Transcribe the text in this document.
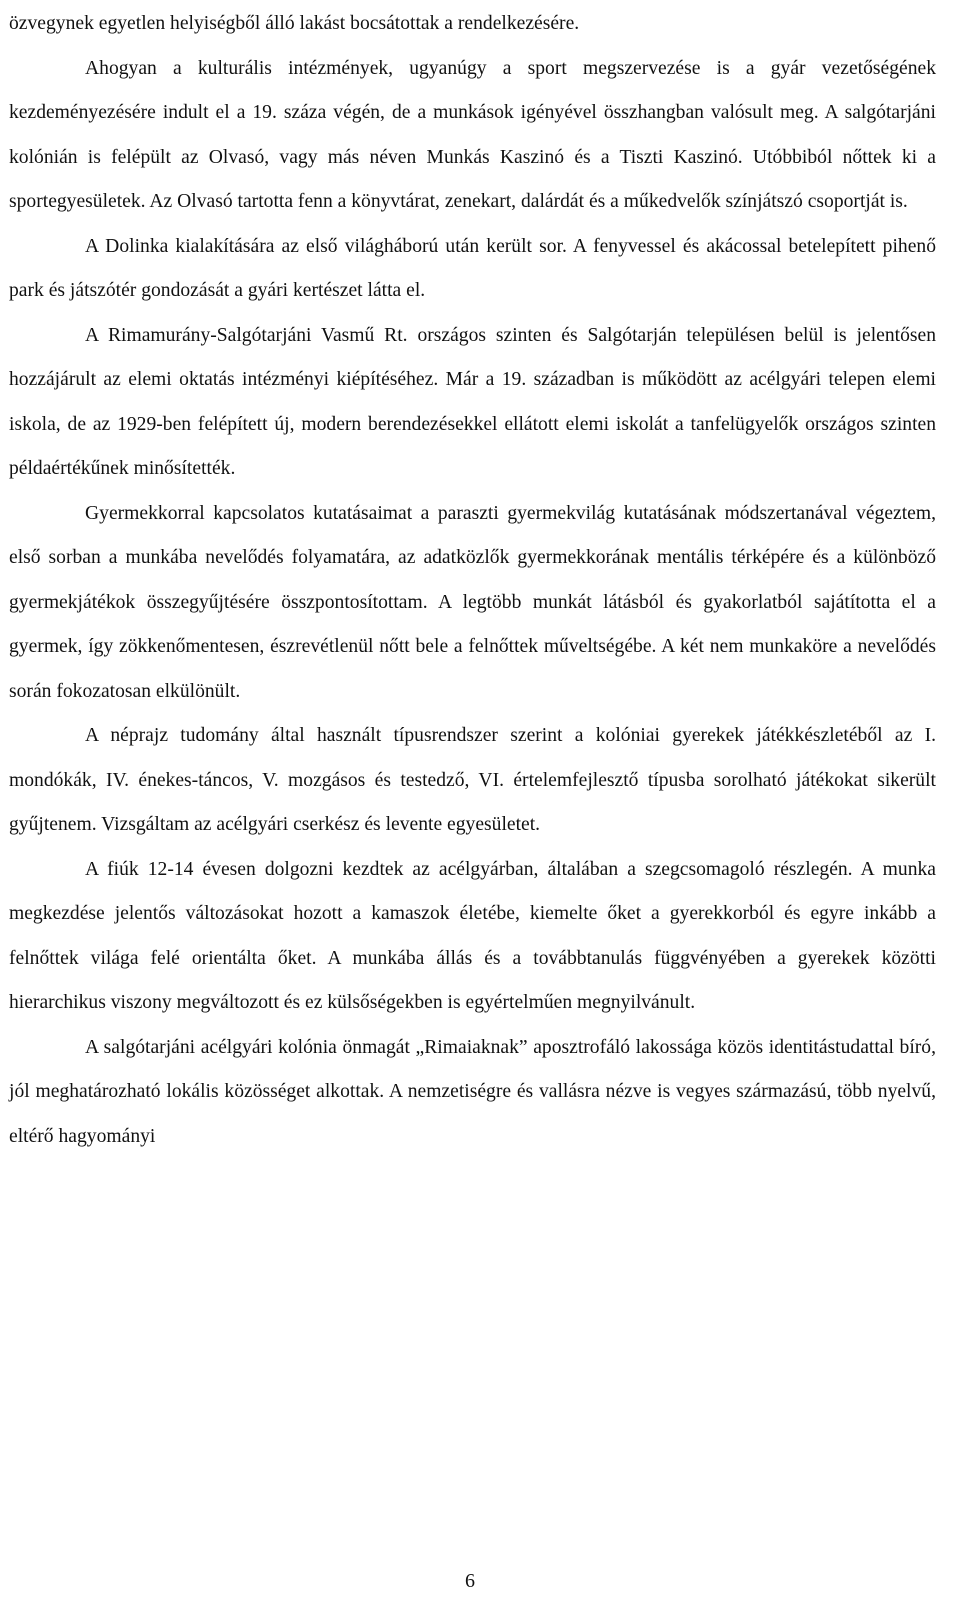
özvegynek egyetlen helyiségből álló lakást bocsátottak a rendelkezésére.

Ahogyan a kulturális intézmények, ugyanúgy a sport megszervezése is a gyár vezetőségének kezdeményezésére indult el a 19. száza végén, de a munkások igényével összhangban valósult meg. A salgótarjáni kolónián is felépült az Olvasó, vagy más néven Munkás Kaszinó és a Tiszti Kaszinó. Utóbbiból nőttek ki a sportegyesületek. Az Olvasó tartotta fenn a könyvtárat, zenekart, dalárdát és a műkedvelők színjátszó csoportját is.

A Dolinka kialakítására az első világháború után került sor. A fenyvessel és akácossal betelepített pihenő park és játszótér gondozását a gyári kertészet látta el.

A Rimamurány-Salgótarjáni Vasmű Rt. országos szinten és Salgótarján településen belül is jelentősen hozzájárult az elemi oktatás intézményi kiépítéséhez. Már a 19. században is működött az acélgyári telepen elemi iskola, de az 1929-ben felépített új, modern berendezésekkel ellátott elemi iskolát a tanfelügyelők országos szinten példaértékűnek minősítették.

Gyermekkorral kapcsolatos kutatásaimat a paraszti gyermekvilág kutatásának módszertanával végeztem, első sorban a munkába nevelődés folyamatára, az adatközlők gyermekkorának mentális térképére és a különböző gyermekjátékok összegyűjtésére összpontosítottam. A legtöbb munkát látásból és gyakorlatból sajátította el a gyermek, így zökkenőmentesen, észrevétlenül nőtt bele a felnőttek műveltségébe. A két nem munkaköre a nevelődés során fokozatosan elkülönült.

A néprajz tudomány által használt típusrendszer szerint a kolóniai gyerekek játékkészletéből az I. mondókák, IV. énekes-táncos, V. mozgásos és testedző, VI. értelemfejlesztő típusba sorolható játékokat sikerült gyűjtenem. Vizsgáltam az acélgyári cserkész és levente egyesületet.

A fiúk 12-14 évesen dolgozni kezdtek az acélgyárban, általában a szegcsomagoló részlegén. A munka megkezdése jelentős változásokat hozott a kamaszok életébe, kiemelte őket a gyerekkorból és egyre inkább a felnőttek világa felé orientálta őket. A munkába állás és a továbbtanulás függvényében a gyerekek közötti hierarchikus viszony megváltozott és ez külsőségekben is egyértelműen megnyilvánult.

A salgótarjáni acélgyári kolónia önmagát „Rimaiaknak” aposztrofáló lakossága közös identitástudattal bíró, jól meghatározható lokális közösséget alkottak. A nemzetiségre és vallásra nézve is vegyes származású, több nyelvű, eltérő hagyományi

6
